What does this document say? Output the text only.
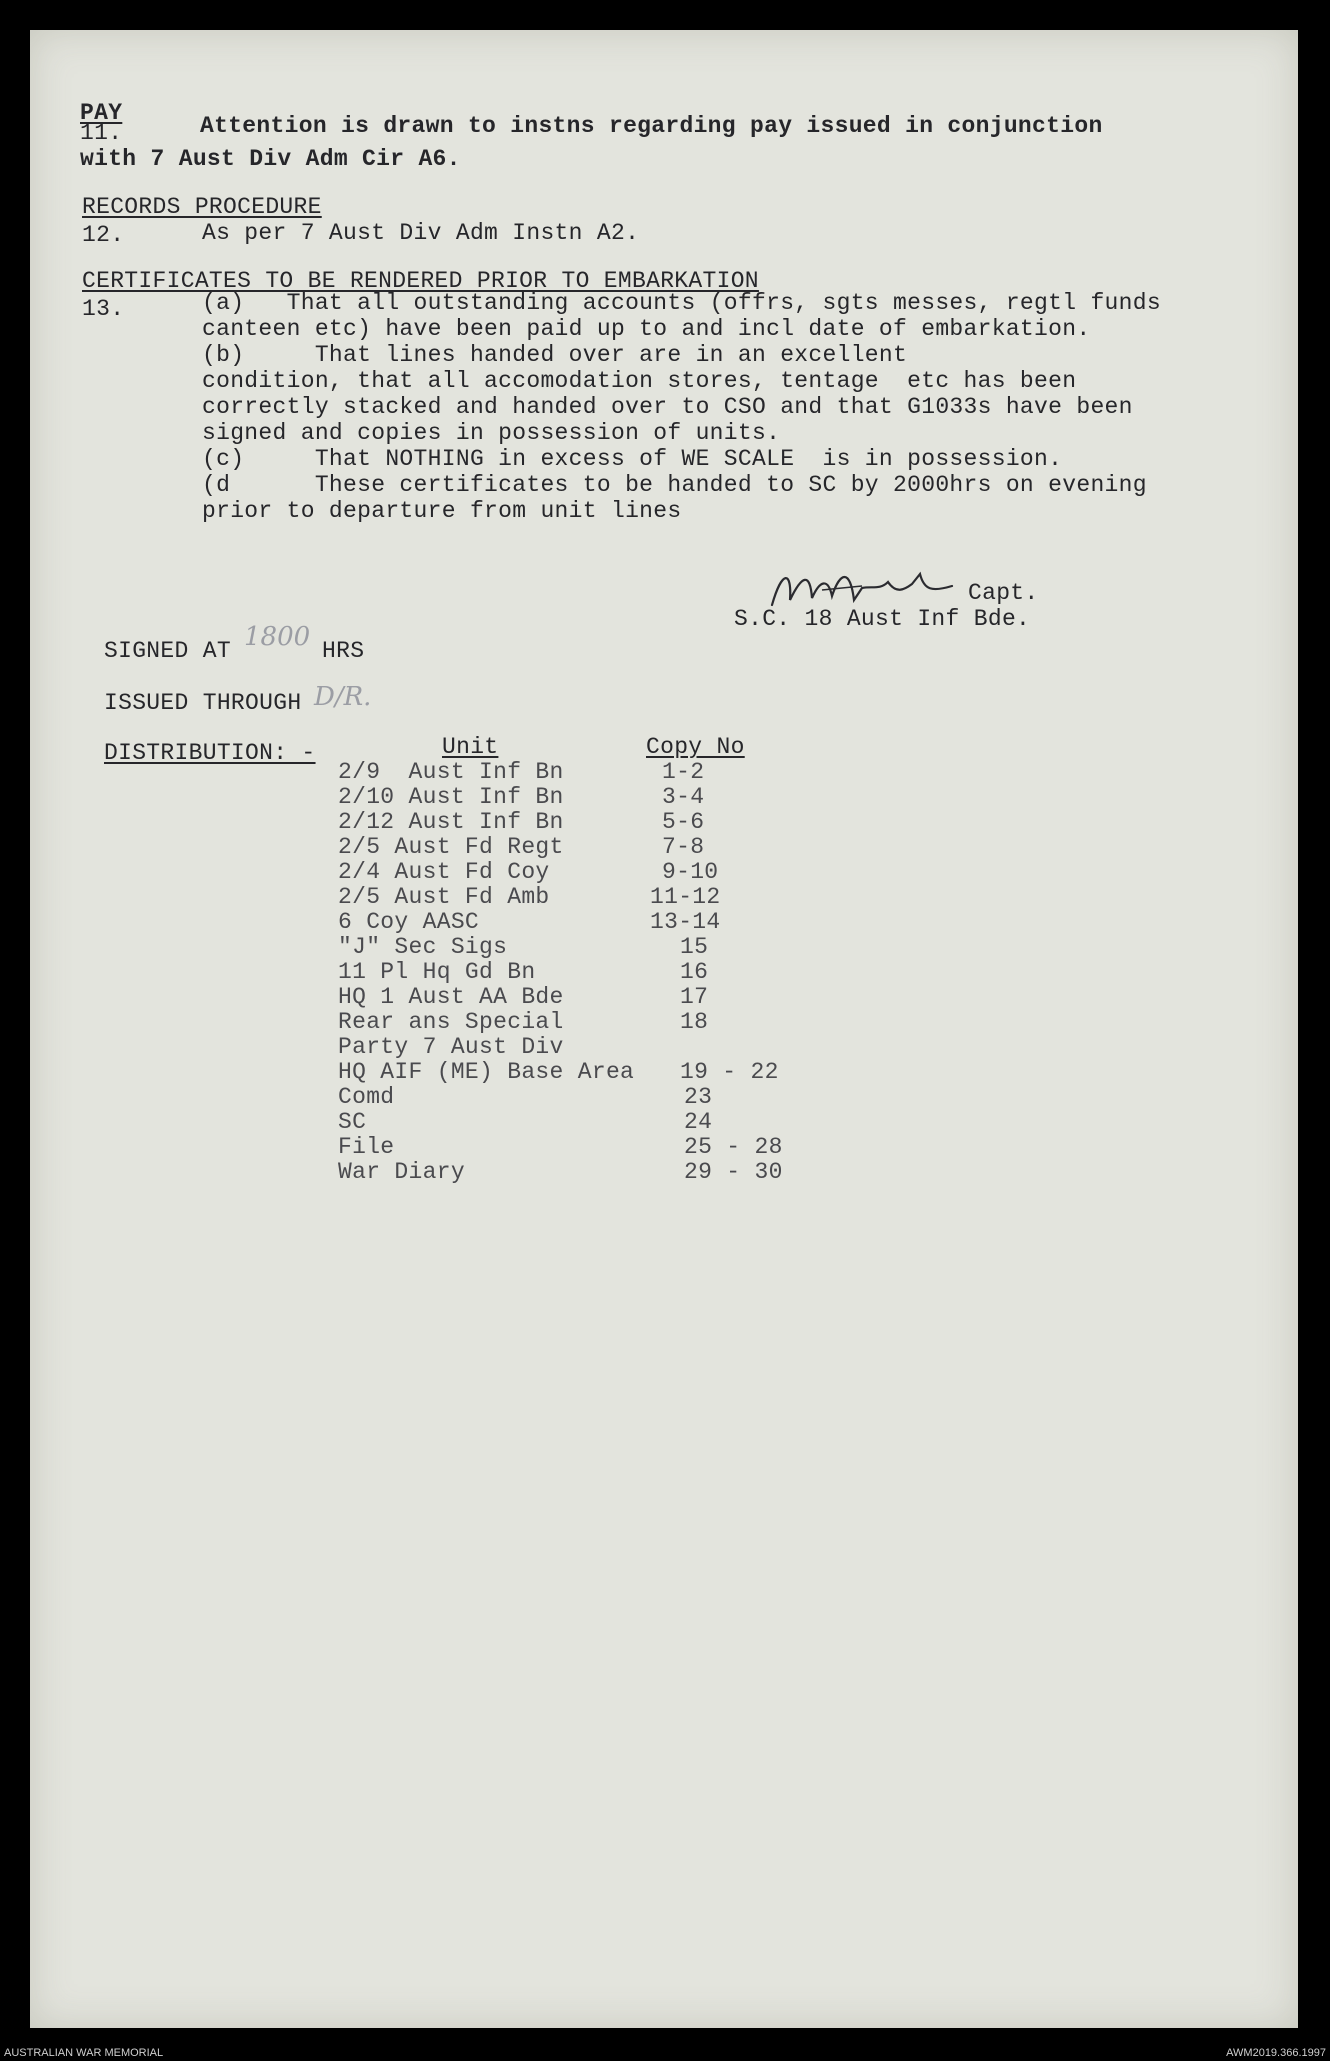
PAY
11.	Attention is drawn to instns regarding pay issued in conjunction
with 7 Aust Div Adm Cir A6.
RECORDS PROCEDURE
12.	As per 7 Aust Div Adm Instn A2.
CERTIFICATES TO BE RENDERED PRIOR TO EMBARKATION
13.	(a)   That all outstanding accounts (offrs, sgts messes, regtl funds
canteen etc) have been paid up to and incl date of embarkation.
(b)     That lines handed over are in an excellent
condition, that all accomodation stores, tentage  etc has been
correctly stacked and handed over to CSO and that G1033s have been
signed and copies in possession of units.
(c)     That NOTHING in excess of WE SCALE  is in possession.
(d      These certificates to be handed to SC by 2000hrs on evening
prior to departure from unit lines
Capt.
S.C. 18 Aust Inf Bde.
SIGNED AT 1800 HRS
ISSUED THROUGH D/R.
DISTRIBUTION: -	Unit	Copy No
2/9  Aust Inf Bn	1-2
2/10 Aust Inf Bn	3-4
2/12 Aust Inf Bn	5-6
2/5 Aust Fd Regt	7-8
2/4 Aust Fd Coy	9-10
2/5 Aust Fd Amb	11-12
6 Coy AASC	13-14
"J" Sec Sigs	15
11 Pl Hq Gd Bn	16
HQ 1 Aust AA Bde	17
Rear ans Special	18
Party 7 Aust Div
HQ AIF (ME) Base Area 19 - 22
Comd	23
SC	24
File	25 - 28
War Diary	29 - 30
AUSTRALIAN WAR MEMORIAL	AWM2019.366.1997
